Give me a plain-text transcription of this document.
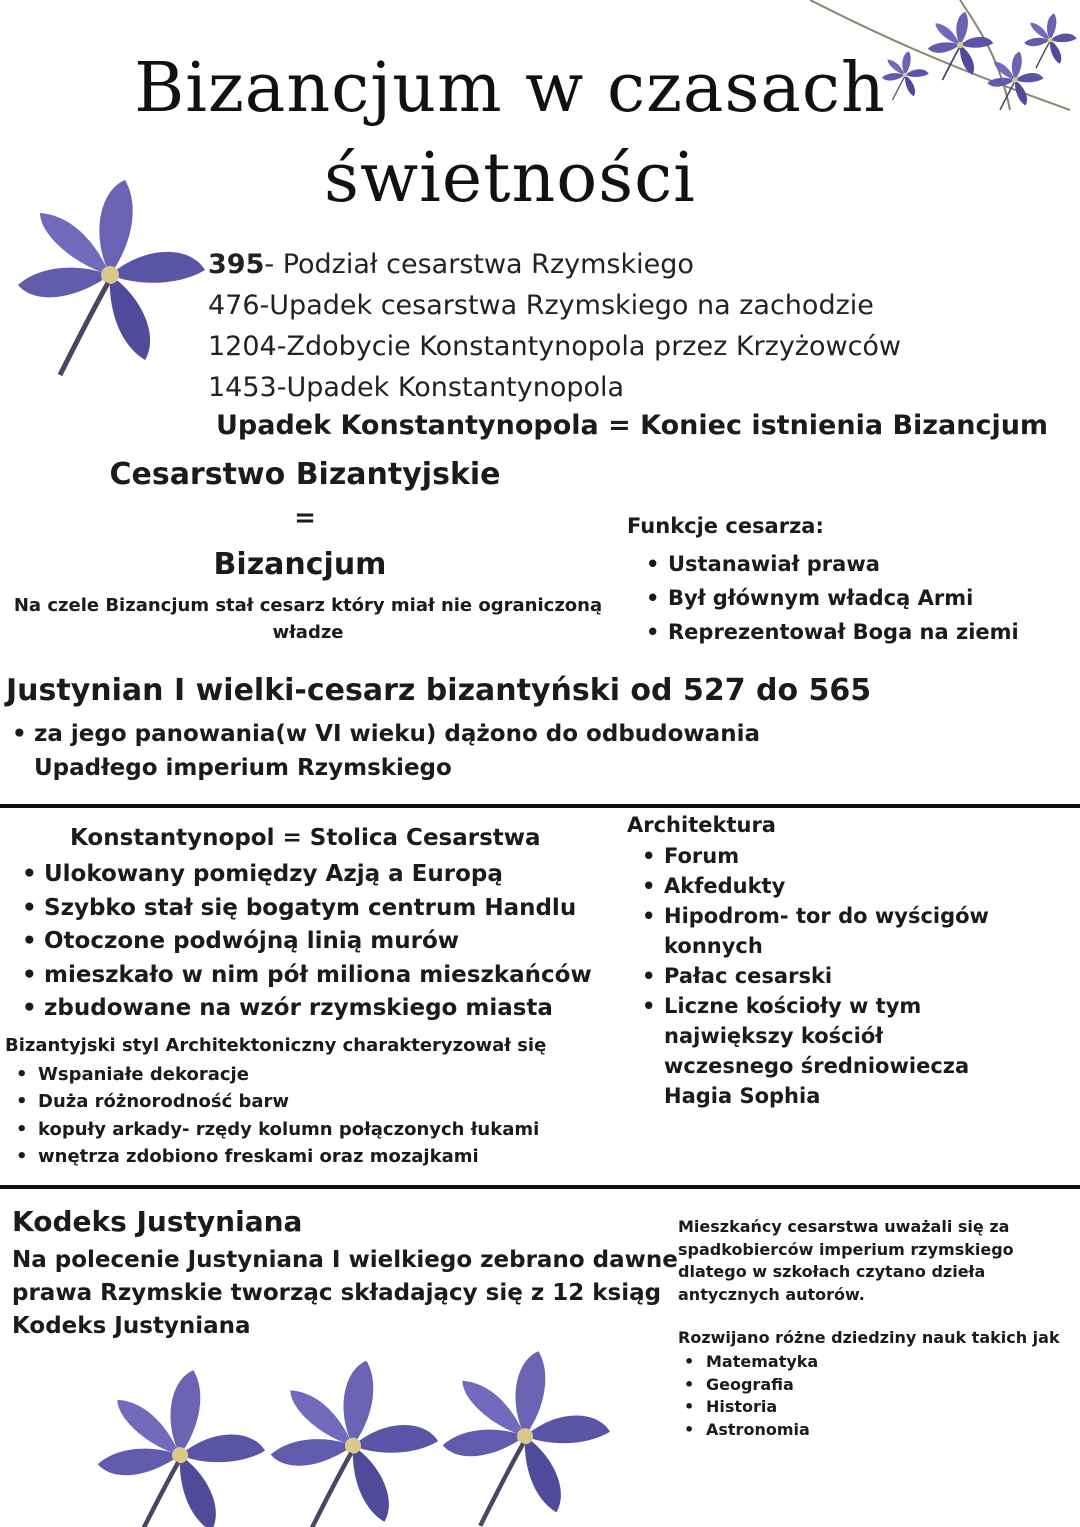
Bizancjum w czasach
świetności
395- Podział cesarstwa Rzymskiego
476-Upadek cesarstwa Rzymskiego na zachodzie
1204-Zdobycie Konstantynopola przez Krzyżowców
1453-Upadek Konstantynopola
Upadek Konstantynopola = Koniec istnienia Bizancjum
Cesarstwo Bizantyjskie
=
Bizancjum
Na czele Bizancjum stał cesarz który miał nie ograniczoną władze
Funkcje cesarza:
• Ustanawiał prawa
• Był głównym władcą Armi
• Reprezentował Boga na ziemi
Justynian I wielki-cesarz bizantyński od 527 do 565
• za jego panowania(w VI wieku) dążono do odbudowania
Upadłego imperium Rzymskiego
Konstantynopol = Stolica Cesarstwa
• Ulokowany pomiędzy Azją a Europą
• Szybko stał się bogatym centrum Handlu
• Otoczone podwójną linią murów
• mieszkało w nim pół miliona mieszkańców
• zbudowane na wzór rzymskiego miasta
Bizantyjski styl Architektoniczny charakteryzował się
• Wspaniałe dekoracje
• Duża różnorodność barw
• kopuły arkady- rzędy kolumn połączonych łukami
• wnętrza zdobiono freskami oraz mozajkami
Architektura
• Forum
• Akfedukty
• Hipodrom- tor do wyścigów
konnych
• Pałac cesarski
• Liczne kościoły w tym
największy kościół
wczesnego średniowiecza
Hagia Sophia
Kodeks Justyniana
Na polecenie Justyniana I wielkiego zebrano dawne
prawa Rzymskie tworząc składający się z 12 ksiąg
Kodeks Justyniana
Mieszkańcy cesarstwa uważali się za
spadkobierców imperium rzymskiego
dlatego w szkołach czytano dzieła
antycznych autorów.
Rozwijano różne dziedziny nauk takich jak
• Matematyka
• Geografia
• Historia
• Astronomia
